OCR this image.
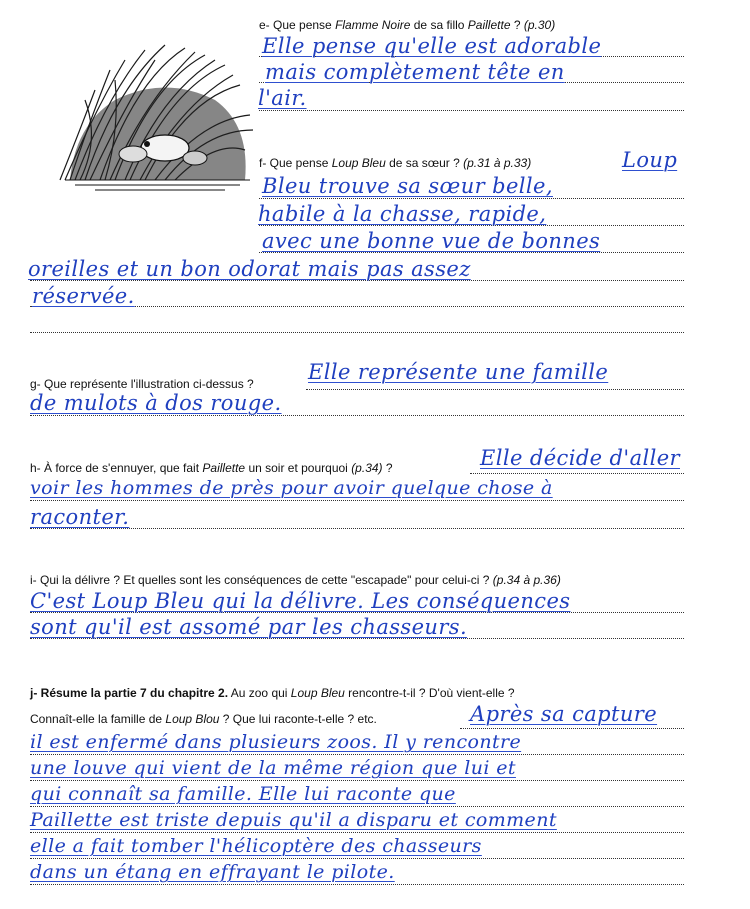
e- Que pense Flamme Noire de sa fillo Paillette ? (p.30)
Elle pense qu'elle est adorable
mais complètement tête en
l'air.
f- Que pense Loup Bleu de sa sœur ? (p.31 à p.33)	Loup
Bleu trouve sa sœur belle,
habile à la chasse, rapide,
avec une bonne vue de bonnes
oreilles et un bon odorat mais pas assez
réservée.
g- Que représente l'illustration ci-dessus ?	Elle représente une famille
de mulots à dos rouge.
h- À force de s'ennuyer, que fait Paillette un soir et pourquoi (p.34) ?	Elle décide d'aller
voir les hommes de près pour avoir quelque chose à
raconter.
i- Qui la délivre ? Et quelles sont les conséquences de cette "escapade" pour celui-ci ? (p.34 à p.36)
C'est Loup Bleu qui la délivre. Les conséquences
sont qu'il est assomé par les chasseurs.
j- Résume la partie 7 du chapitre 2. Au zoo qui Loup Bleu rencontre-t-il ? D'où vient-elle ?
Connaît-elle la famille de Loup Blou ? Que lui raconte-t-elle ? etc.	Après sa capture
il est enfermé dans plusieurs zoos. Il y rencontre
une louve qui vient de la même région que lui et
qui connaît sa famille. Elle lui raconte que
Paillette est triste depuis qu'il a disparu et comment
elle a fait tomber l'hélicoptère des chasseurs
dans un étang en effrayant le pilote.
